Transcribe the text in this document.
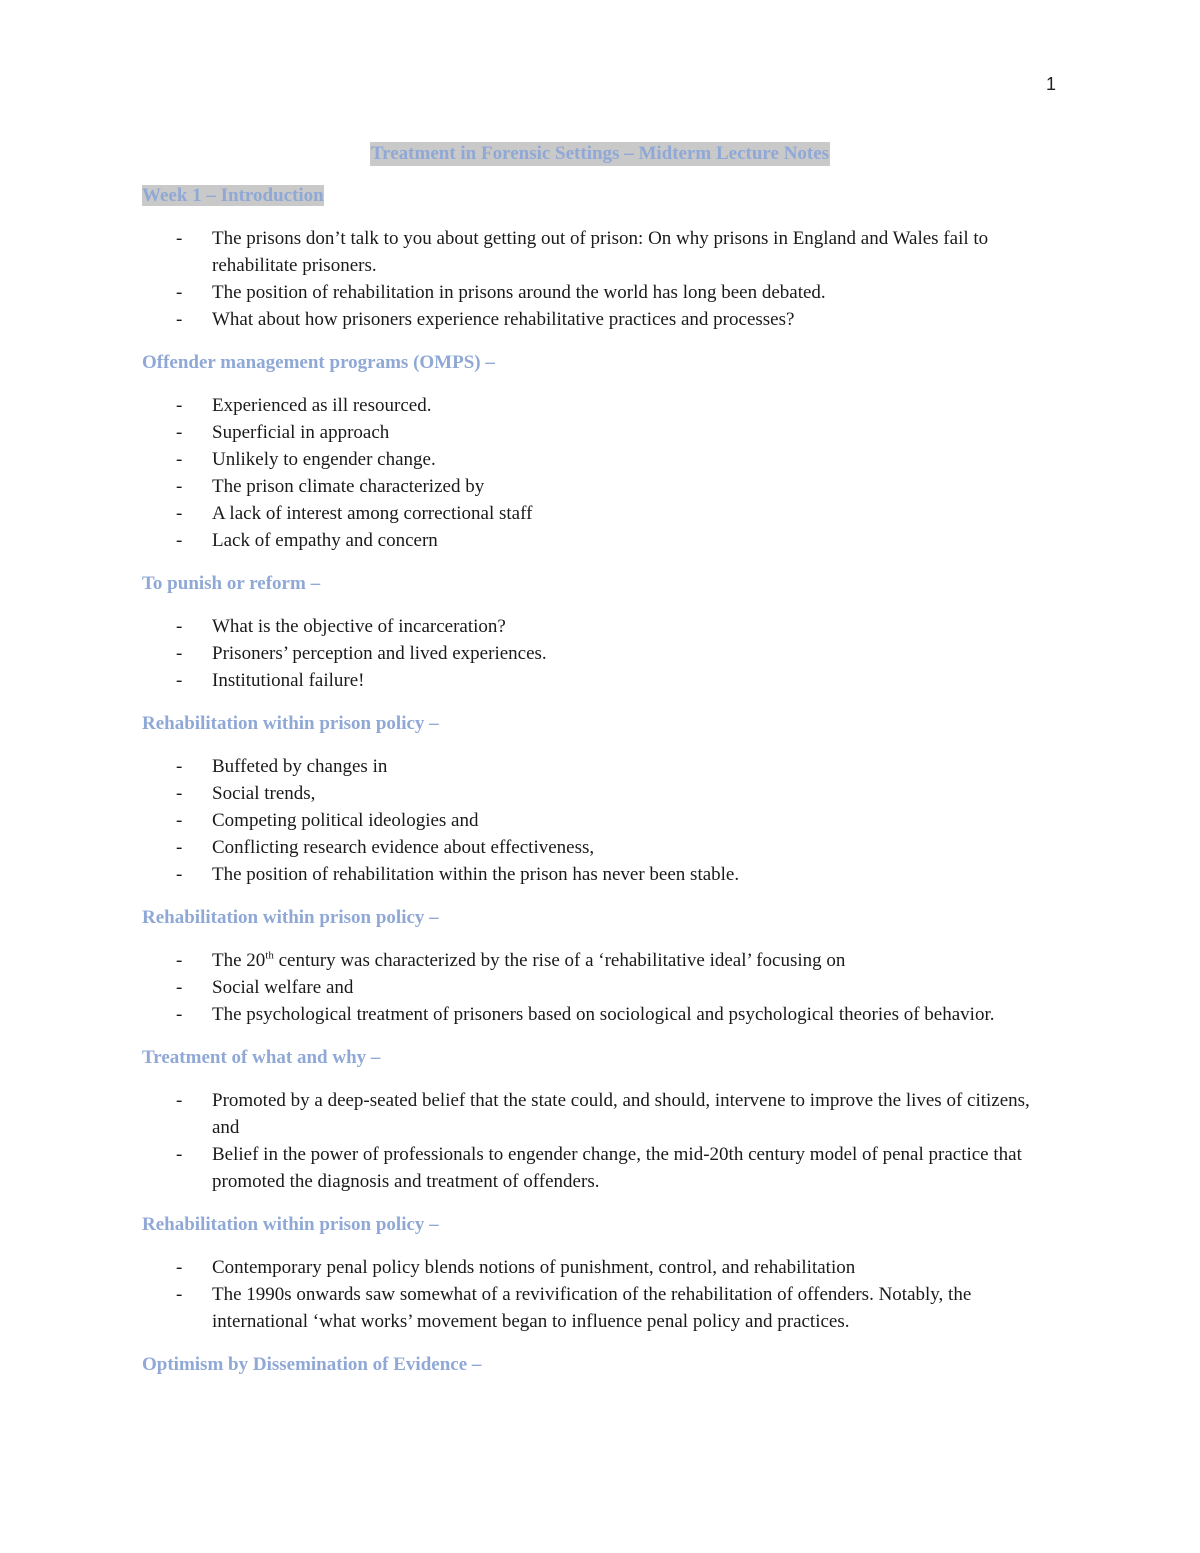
1
Treatment in Forensic Settings – Midterm Lecture Notes
Week 1 – Introduction
- The prisons don’t talk to you about getting out of prison: On why prisons in England and Wales fail to rehabilitate prisoners.
- The position of rehabilitation in prisons around the world has long been debated.
- What about how prisoners experience rehabilitative practices and processes?
Offender management programs (OMPS) –
- Experienced as ill resourced.
- Superficial in approach
- Unlikely to engender change.
- The prison climate characterized by
- A lack of interest among correctional staff
- Lack of empathy and concern
To punish or reform –
- What is the objective of incarceration?
- Prisoners’ perception and lived experiences.
- Institutional failure!
Rehabilitation within prison policy –
- Buffeted by changes in
- Social trends,
- Competing political ideologies and
- Conflicting research evidence about effectiveness,
- The position of rehabilitation within the prison has never been stable.
Rehabilitation within prison policy –
- The 20th century was characterized by the rise of a ‘rehabilitative ideal’ focusing on
- Social welfare and
- The psychological treatment of prisoners based on sociological and psychological theories of behavior.
Treatment of what and why –
- Promoted by a deep-seated belief that the state could, and should, intervene to improve the lives of citizens, and
- Belief in the power of professionals to engender change, the mid-20th century model of penal practice that promoted the diagnosis and treatment of offenders.
Rehabilitation within prison policy –
- Contemporary penal policy blends notions of punishment, control, and rehabilitation
- The 1990s onwards saw somewhat of a revivification of the rehabilitation of offenders. Notably, the international ‘what works’ movement began to influence penal policy and practices.
Optimism by Dissemination of Evidence –
